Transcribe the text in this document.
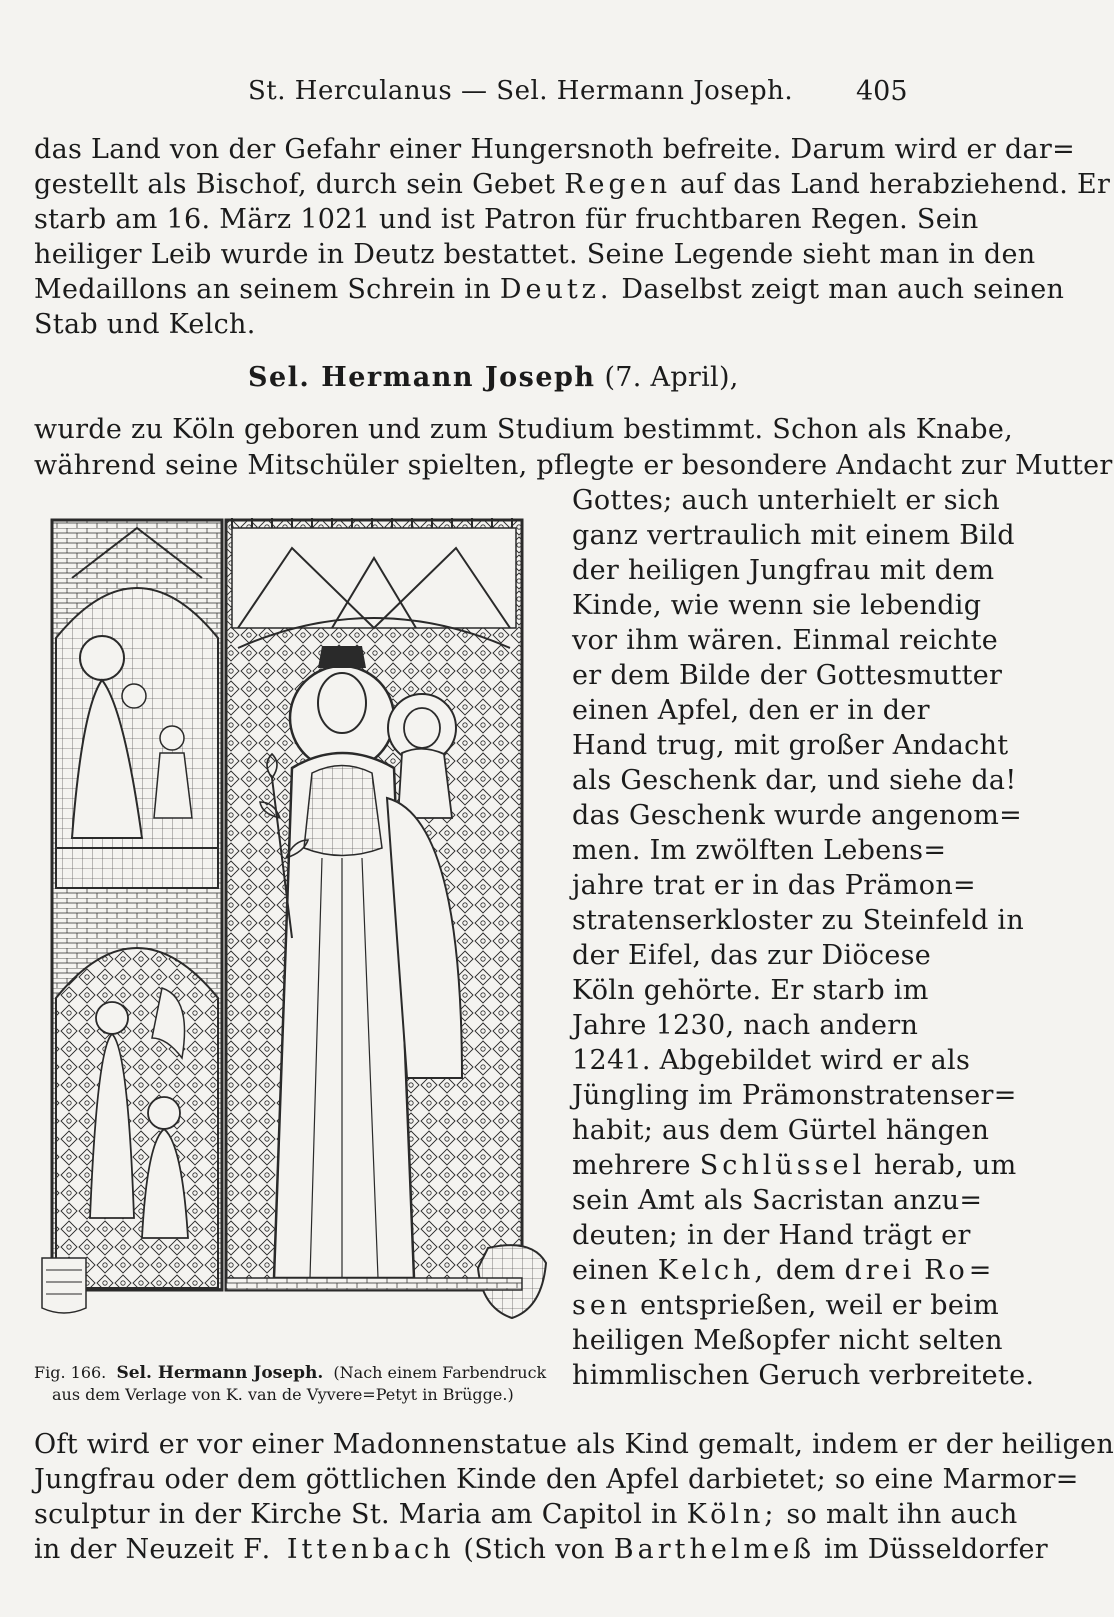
St. Herculanus — Sel. Hermann Joseph. 405
das Land von der Gefahr einer Hungersnoth befreite. Darum wird er dar=
gestellt als Bischof, durch sein Gebet Regen auf das Land herabziehend. Er
starb am 16. März 1021 und ist Patron für fruchtbaren Regen. Sein
heiliger Leib wurde in Deutz bestattet. Seine Legende sieht man in den
Medaillons an seinem Schrein in Deutz. Daselbst zeigt man auch seinen
Stab und Kelch.
Sel. Hermann Joseph (7. April),
wurde zu Köln geboren und zum Studium bestimmt. Schon als Knabe,
während seine Mitschüler spielten, pflegte er besondere Andacht zur Mutter
Gottes; auch unterhielt er sich
ganz vertraulich mit einem Bild
der heiligen Jungfrau mit dem
Kinde, wie wenn sie lebendig
vor ihm wären. Einmal reichte
er dem Bilde der Gottesmutter
einen Apfel, den er in der
Hand trug, mit großer Andacht
als Geschenk dar, und siehe da!
das Geschenk wurde angenom=
men. Im zwölften Lebens=
jahre trat er in das Prämon=
stratenserkloster zu Steinfeld in
der Eifel, das zur Diöcese
Köln gehörte. Er starb im
Jahre 1230, nach andern
1241. Abgebildet wird er als
Jüngling im Prämonstratenser=
habit; aus dem Gürtel hängen
mehrere Schlüssel herab, um
sein Amt als Sacristan anzu=
deuten; in der Hand trägt er
einen Kelch, dem drei Ro=
sen entsprießen, weil er beim
heiligen Meßopfer nicht selten
himmlischen Geruch verbreitete.
Fig. 166. Sel. Hermann Joseph. (Nach einem Farbendruck
aus dem Verlage von K. van de Vyvere=Petyt in Brügge.)
Oft wird er vor einer Madonnenstatue als Kind gemalt, indem er der heiligen
Jungfrau oder dem göttlichen Kinde den Apfel darbietet; so eine Marmor=
sculptur in der Kirche St. Maria am Capitol in Köln; so malt ihn auch
in der Neuzeit F. Ittenbach (Stich von Barthelmeß im Düsseldorfer
